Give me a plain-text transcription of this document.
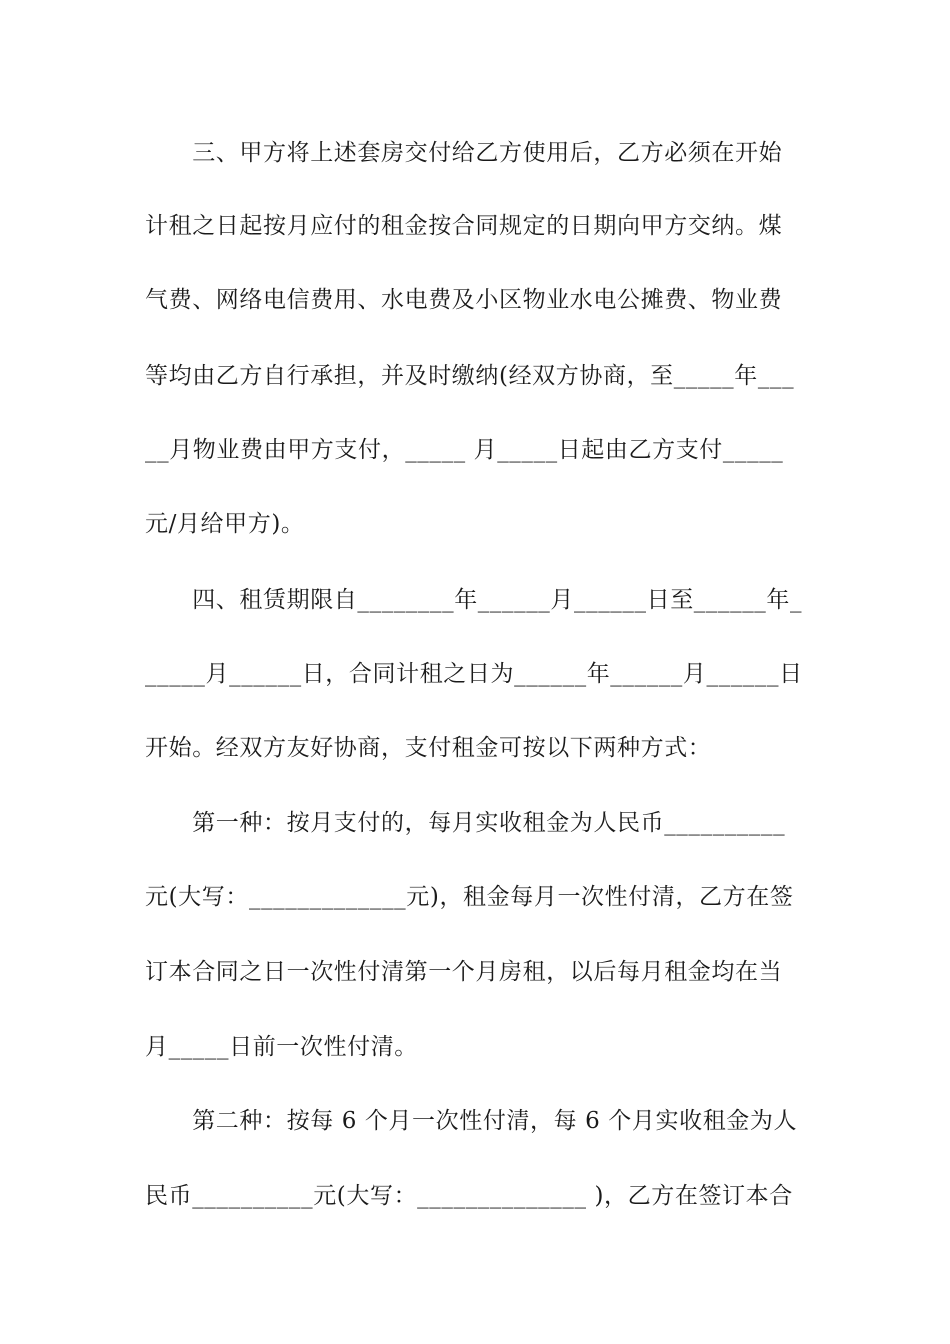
　　三、甲方将上述套房交付给乙方使用后，乙方必须在开始
计租之日起按月应付的租金按合同规定的日期向甲方交纳。煤
气费、网络电信费用、水电费及小区物业水电公摊费、物业费
等均由乙方自行承担，并及时缴纳(经双方协商，至_____年___
__月物业费由甲方支付，_____ 月_____日起由乙方支付_____
元/月给甲方)。
　　四、租赁期限自________年______月______日至______年_
_____月______日，合同计租之日为______年______月______日
开始。经双方友好协商，支付租金可按以下两种方式：
　　第一种：按月支付的，每月实收租金为人民币__________
元(大写：_____________元)，租金每月一次性付清，乙方在签
订本合同之日一次性付清第一个月房租，以后每月租金均在当
月_____日前一次性付清。
　　第二种：按每 6 个月一次性付清，每 6 个月实收租金为人
民币__________元(大写：______________ )，乙方在签订本合
